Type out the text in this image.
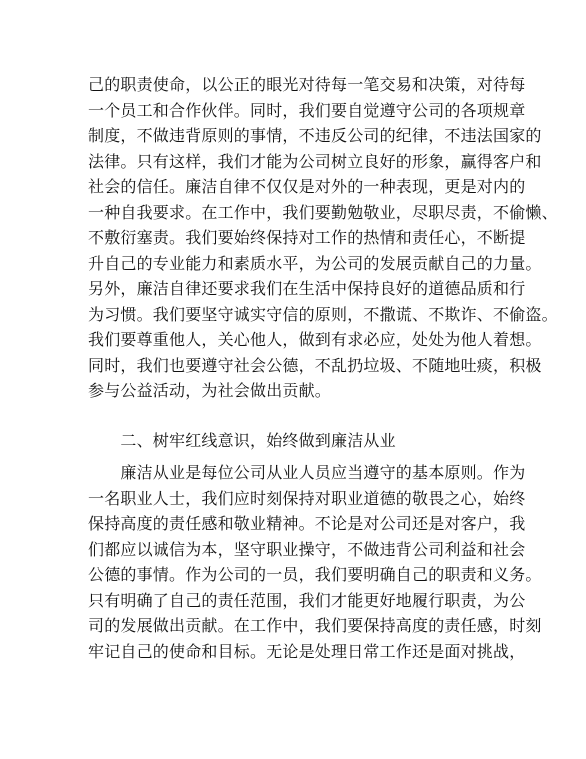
己的职责使命，以公正的眼光对待每一笔交易和决策，对待每
一个员工和合作伙伴。同时，我们要自觉遵守公司的各项规章
制度，不做违背原则的事情，不违反公司的纪律，不违法国家的
法律。只有这样，我们才能为公司树立良好的形象，赢得客户和
社会的信任。廉洁自律不仅仅是对外的一种表现，更是对内的
一种自我要求。在工作中，我们要勤勉敬业，尽职尽责，不偷懒、
不敷衍塞责。我们要始终保持对工作的热情和责任心，不断提
升自己的专业能力和素质水平，为公司的发展贡献自己的力量。
另外，廉洁自律还要求我们在生活中保持良好的道德品质和行
为习惯。我们要坚守诚实守信的原则，不撒谎、不欺诈、不偷盗。
我们要尊重他人，关心他人，做到有求必应，处处为他人着想。
同时，我们也要遵守社会公德，不乱扔垃圾、不随地吐痰，积极
参与公益活动，为社会做出贡献。
　　二、树牢红线意识，始终做到廉洁从业
　　廉洁从业是每位公司从业人员应当遵守的基本原则。作为
一名职业人士，我们应时刻保持对职业道德的敬畏之心，始终
保持高度的责任感和敬业精神。不论是对公司还是对客户，我
们都应以诚信为本，坚守职业操守，不做违背公司利益和社会
公德的事情。作为公司的一员，我们要明确自己的职责和义务。
只有明确了自己的责任范围，我们才能更好地履行职责，为公
司的发展做出贡献。在工作中，我们要保持高度的责任感，时刻
牢记自己的使命和目标。无论是处理日常工作还是面对挑战，
